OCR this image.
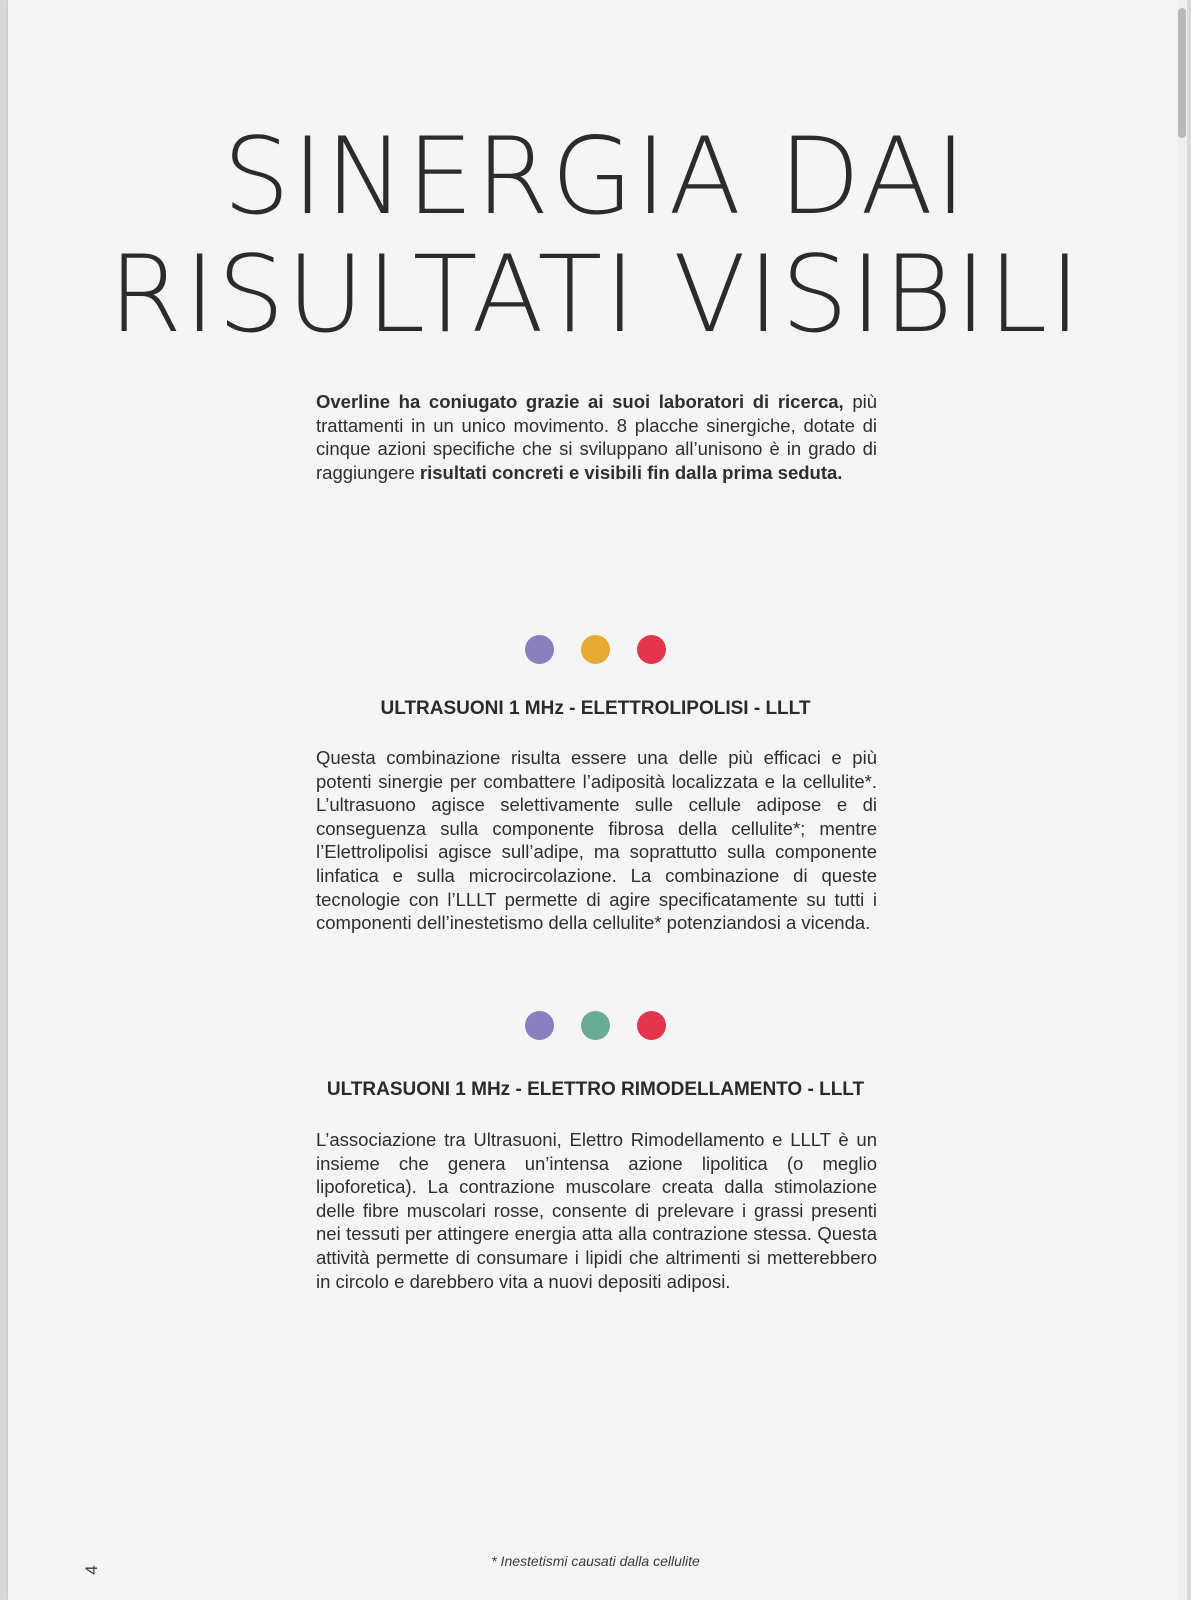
SINERGIA DAI
RISULTATI VISIBILI
Overline ha coniugato grazie ai suoi laboratori di ricerca, più trattamenti in un unico movimento. 8 placche sinergiche, dotate di cinque azioni specifiche che si sviluppano all’unisono è in grado di raggiungere risultati concreti e visibili fin dalla prima seduta.
ULTRASUONI 1 MHz - ELETTROLIPOLISI - LLLT
Questa combinazione risulta essere una delle più efficaci e più potenti sinergie per combattere l’adiposità localizzata e la cellulite*. L’ultrasuono agisce selettivamente sulle cellule adipose e di conseguenza sulla componente fibrosa della cellulite*; mentre l’Elettrolipolisi agisce sull’adipe, ma soprattutto sulla componente linfatica e sulla microcircolazione. La combinazione di queste tecnologie con l’LLLT permette di agire specificatamente su tutti i componenti dell’inestetismo della cellulite* potenziandosi a vicenda.
ULTRASUONI 1 MHz - ELETTRO RIMODELLAMENTO - LLLT
L’associazione tra Ultrasuoni, Elettro Rimodellamento e LLLT è un insieme che genera un’intensa azione lipolitica (o meglio lipoforetica). La contrazione muscolare creata dalla stimolazione delle fibre muscolari rosse, consente di prelevare i grassi presenti nei tessuti per attingere energia atta alla contrazione stessa. Questa attività permette di consumare i lipidi che altrimenti si metterebbero in circolo e darebbero vita a nuovi depositi adiposi.
* Inestetismi causati dalla cellulite
4
